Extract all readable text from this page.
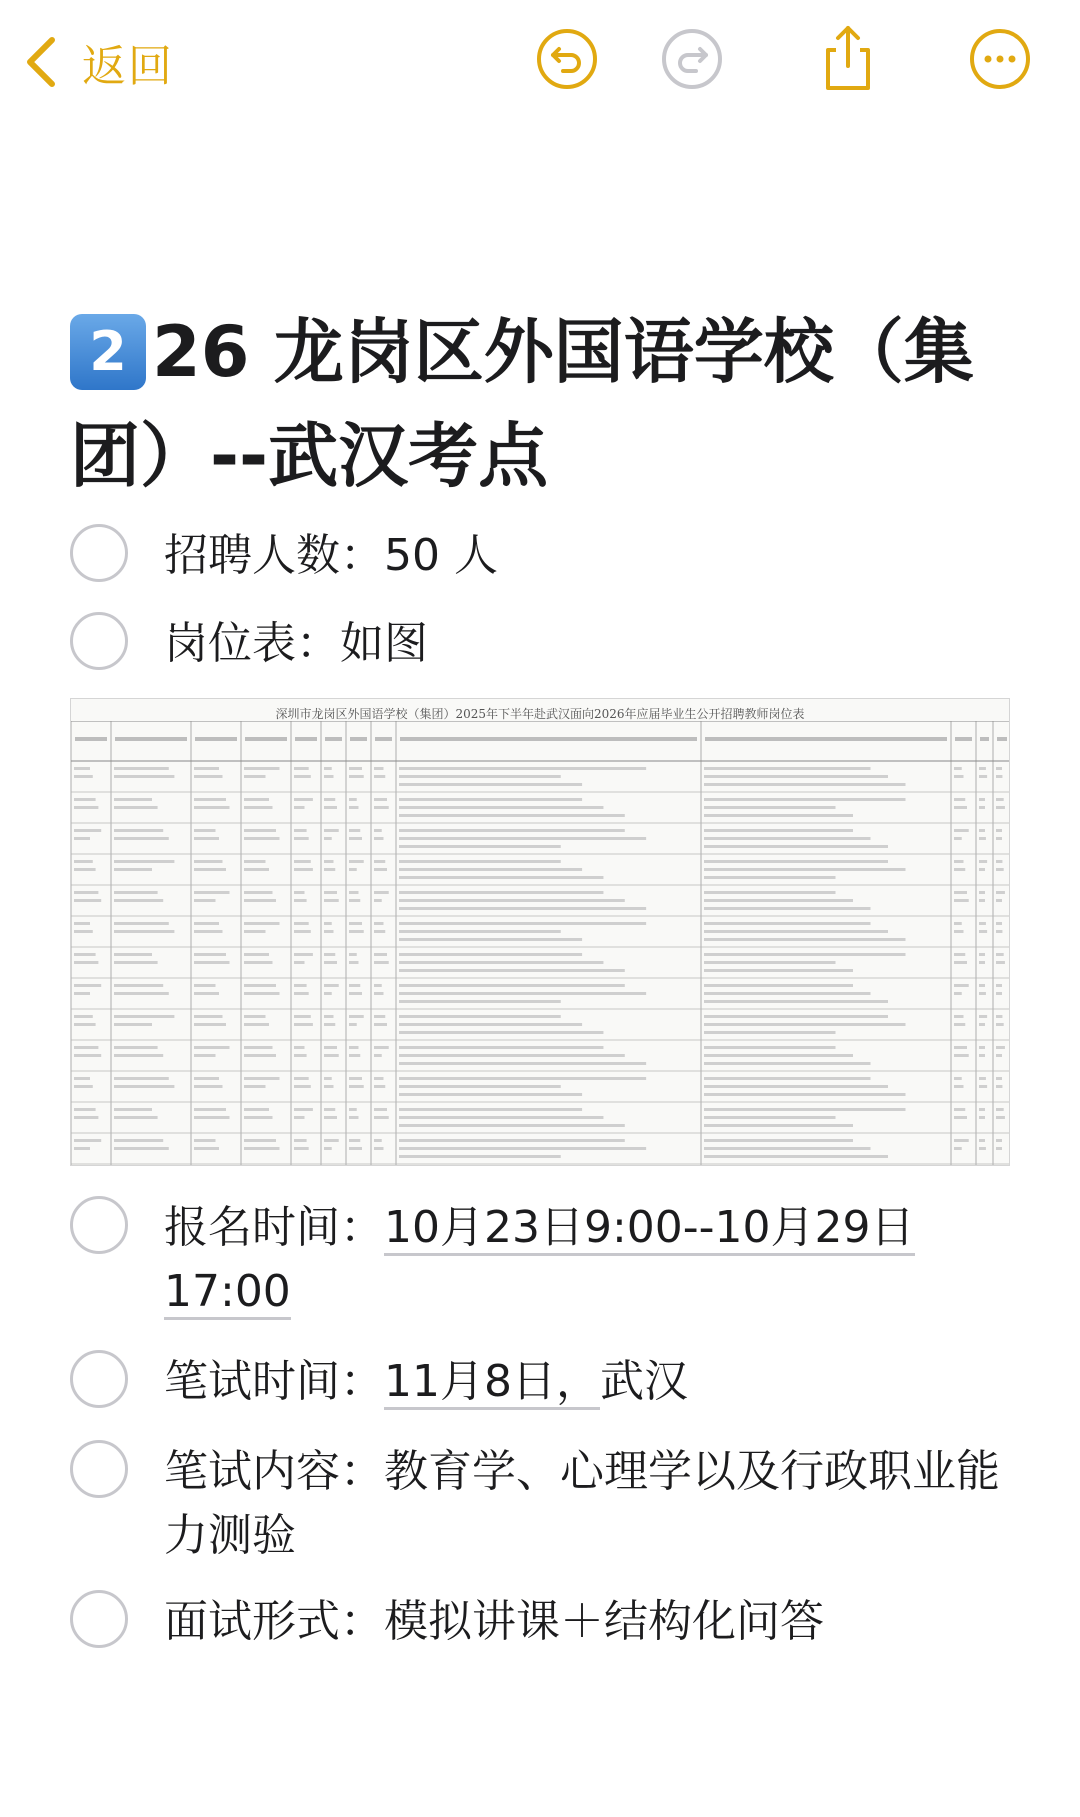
返回
2 26 龙岗区外国语学校（集
团）--武汉考点
招聘人数：50 人
岗位表：如图
深圳市龙岗区外国语学校（集团）2025年下半年赴武汉面向2026年应届毕业生公开招聘教师岗位表
报名时间：10月23日9:00--10月29日 17:00
笔试时间：11月8日，武汉
笔试内容：教育学、心理学以及行政职业能力测验
面试形式：模拟讲课＋结构化问答
